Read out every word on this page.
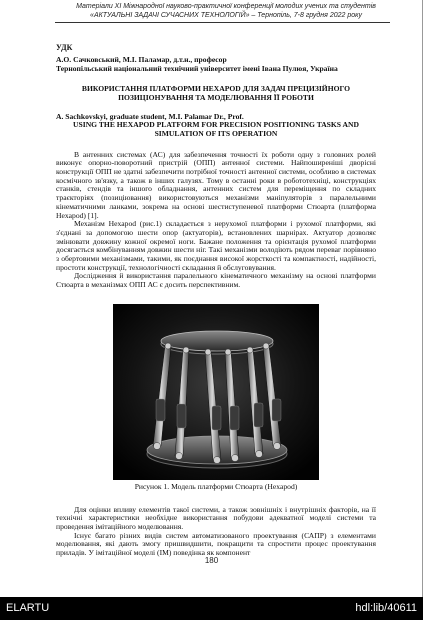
Матеріали XI Міжнародної науково-практичної конференції молодих учених та студентів
«АКТУАЛЬНІ ЗАДАЧІ СУЧАСНИХ ТЕХНОЛОГІЙ» – Тернопіль, 7-8 грудня 2022 року
УДК
А.О. Сачковський, М.І. Паламар, д.т.н., професор
Тернопільський національний технічний університет імені Івана Пулюя, Україна
ВИКОРИСТАННЯ ПЛАТФОРМИ HEXAPOD ДЛЯ ЗАДАЧ ПРЕЦИЗІЙНОГО ПОЗИЦІОНУВАННЯ ТА МОДЕЛЮВАННЯ ЇЇ РОБОТИ
A. Sachkovskyi, graduate student, M.I. Palamar Dr., Prof.
USING THE HEXAPOD PLATFORM FOR PRECISION POSITIONING TASKS AND SIMULATION OF ITS OPERATION

В антенних системах (АС) для забезпечення точності їх роботи одну з головних ролей виконує опорно-поворотний пристрій (ОПП) антенної системи. Найпоширеніші дворісні конструкції ОПП не здатні забезпечити потрібної точності антенної системи, особливо в системах космічного зв'язку, а також в інших галузях. Тому в останні роки в робототехніці, конструкціях станків, стендів та іншого обладнання, антенних систем для переміщення по складних траєкторіях (позиціювання) використовуються механізми маніпуляторів з паралельними кінематичними ланками, зокрема на основі шестиступеневої платформи Стюарта (платформа Hexapod) [1].

Механізм Hexapod (рис.1) складається з нерухомої платформи і рухомої платформи, які з'єднані за допомогою шести опор (актуаторів), встановлених шарнірах. Актуатор дозволяє змінювати довжину кожної окремої ноги. Бажане положення та орієнтація рухомої платформи досягається комбінуванням довжин шести ніг. Такі механізми володіють рядом переваг порівняно з обертовими механізмами, такими, як поєднання високої жорсткості та компактності, надійності, простоти конструкції, технологічності складання й обслуговування.

Дослідження й використання паралельного кінематичного механізму на основі платформи Стюарта в механізмах ОПП АС є досить перспективним.

Рисунок 1. Модель платформи Стюарта (Hexapod)

Для оцінки впливу елементів такої системи, а також зовнішніх і внутрішніх факторів, на її технічні характеристики необхідне використання побудови адекватної моделі системи та проведення імітаційного моделювання.

Існує багато різних видів систем автоматизованого проектування (САПР) з елементами моделювання, які дають змогу пришвидшити, покращити та спростити процес проектування приладів. У імітаційної моделі (ІМ) поведінка як компонент

180
ELARTU	hdl:lib/40611
